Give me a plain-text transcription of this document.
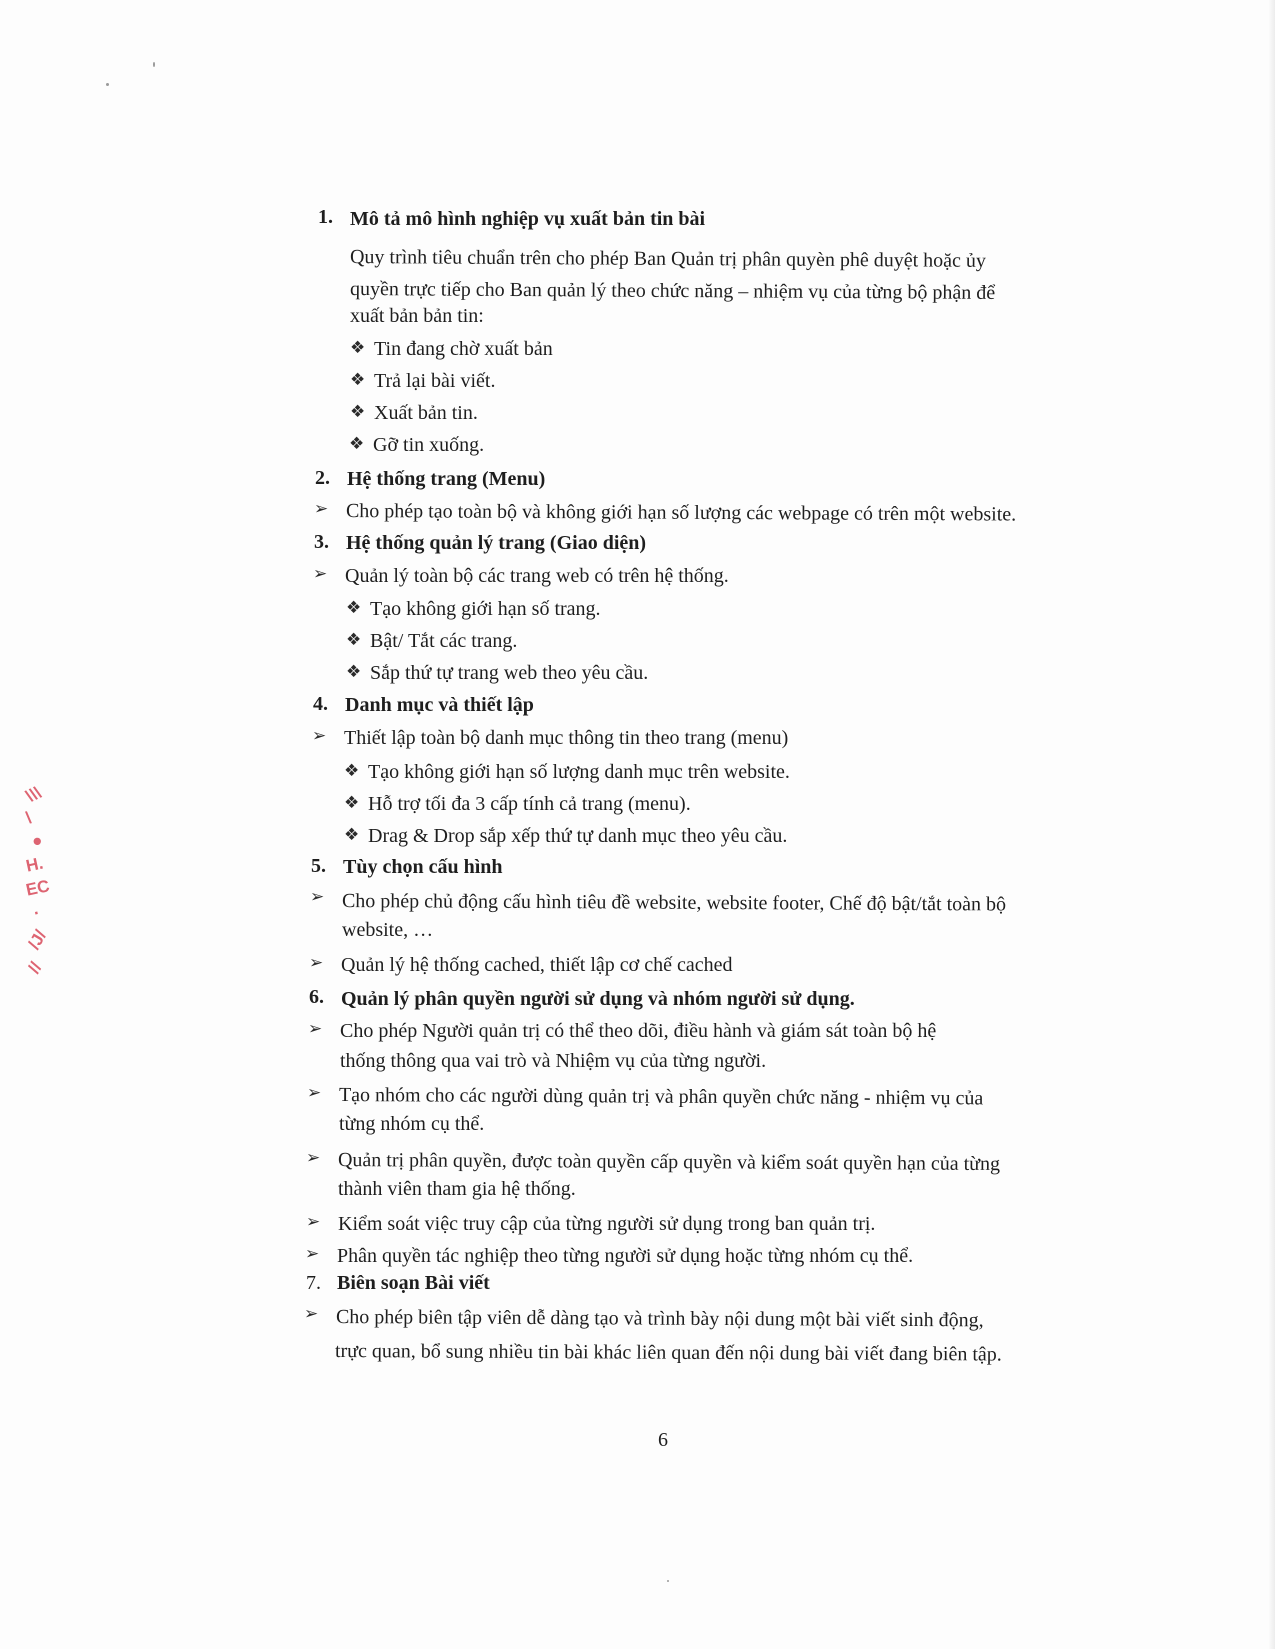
\\\
\
●
H.
EC
·
/J/
//
1. Mô tả mô hình nghiệp vụ xuất bản tin bài
Quy trình tiêu chuẩn trên cho phép Ban Quản trị phân quyèn phê duyệt hoặc ủy
quyền trực tiếp cho Ban quản lý theo chức năng – nhiệm vụ của từng bộ phận để
xuất bản bản tin:
❖ Tin đang chờ xuất bản
❖ Trả lại bài viết.
❖ Xuất bản tin.
❖ Gỡ tin xuống.
2. Hệ thống trang (Menu)
➢ Cho phép tạo toàn bộ và không giới hạn số lượng các webpage có trên một website.
3. Hệ thống quản lý trang (Giao diện)
➢ Quản lý toàn bộ các trang web có trên hệ thống.
❖ Tạo không giới hạn số trang.
❖ Bật/ Tắt các trang.
❖ Sắp thứ tự trang web theo yêu cầu.
4. Danh mục và thiết lập
➢ Thiết lập toàn bộ danh mục thông tin theo trang (menu)
❖ Tạo không giới hạn số lượng danh mục trên website.
❖ Hỗ trợ tối đa 3 cấp tính cả trang (menu).
❖ Drag & Drop sắp xếp thứ tự danh mục theo yêu cầu.
5. Tùy chọn cấu hình
➢ Cho phép chủ động cấu hình tiêu đề website, website footer, Chế độ bật/tắt toàn bộ
website, …
➢ Quản lý hệ thống cached, thiết lập cơ chế cached
6. Quản lý phân quyền người sử dụng và nhóm người sử dụng.
➢ Cho phép Người quản trị có thể theo dõi, điều hành và giám sát toàn bộ hệ
thống thông qua vai trò và Nhiệm vụ của từng người.
➢ Tạo nhóm cho các người dùng quản trị và phân quyền chức năng - nhiệm vụ của
từng nhóm cụ thể.
➢ Quản trị phân quyền, được toàn quyền cấp quyền và kiểm soát quyền hạn của từng
thành viên tham gia hệ thống.
➢ Kiểm soát việc truy cập của từng người sử dụng trong ban quản trị.
➢ Phân quyền tác nghiệp theo từng người sử dụng hoặc từng nhóm cụ thể.
7. Biên soạn Bài viết
➢ Cho phép biên tập viên dễ dàng tạo và trình bày nội dung một bài viết sinh động,
trực quan, bổ sung nhiều tin bài khác liên quan đến nội dung bài viết đang biên tập.
6
